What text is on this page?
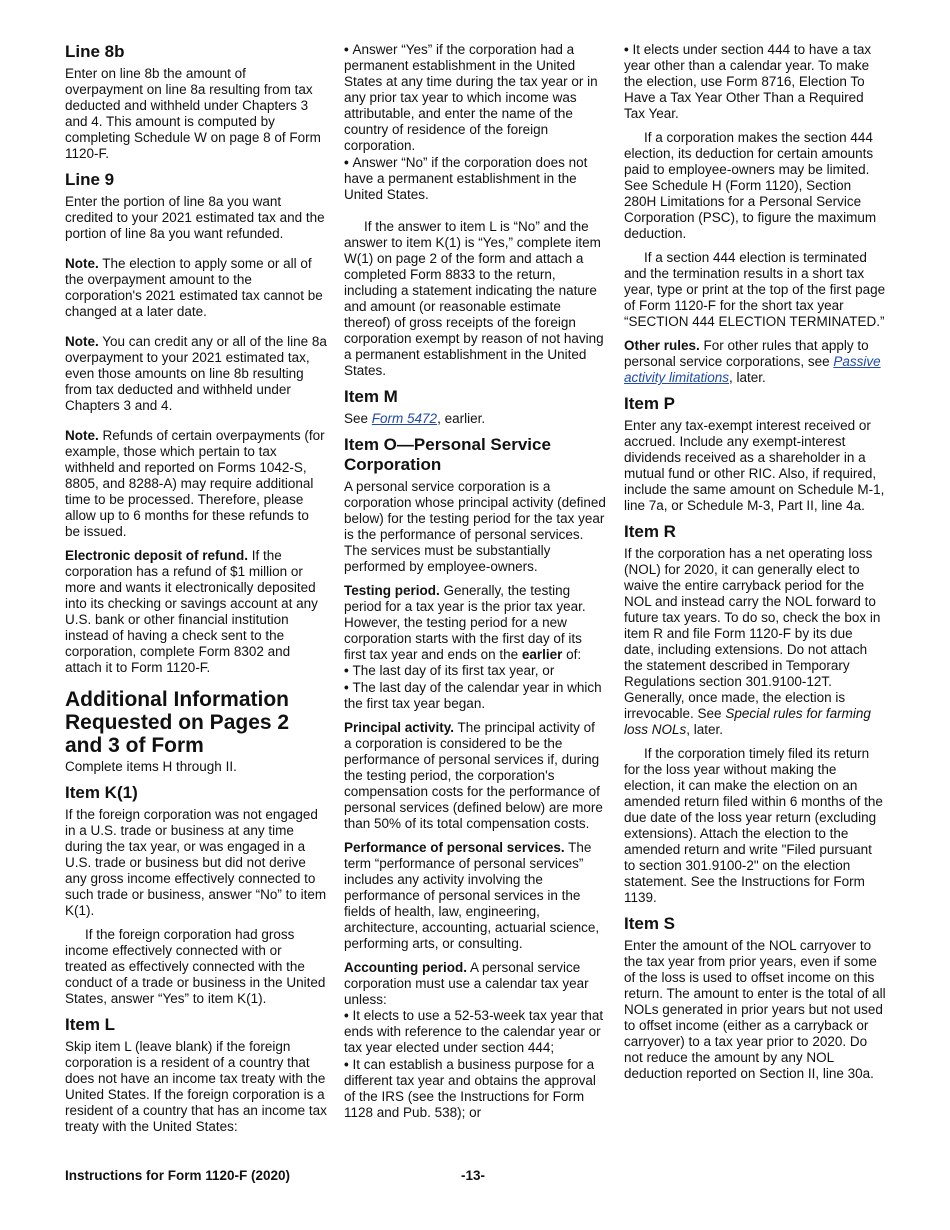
Line 8b

Enter on line 8b the amount of overpayment on line 8a resulting from tax deducted and withheld under Chapters 3 and 4. This amount is computed by completing Schedule W on page 8 of Form 1120-F.

Line 9

Enter the portion of line 8a you want credited to your 2021 estimated tax and the portion of line 8a you want refunded.

Note. The election to apply some or all of the overpayment amount to the corporation's 2021 estimated tax cannot be changed at a later date.

Note. You can credit any or all of the line 8a overpayment to your 2021 estimated tax, even those amounts on line 8b resulting from tax deducted and withheld under Chapters 3 and 4.

Note. Refunds of certain overpayments (for example, those which pertain to tax withheld and reported on Forms 1042-S, 8805, and 8288-A) may require additional time to be processed. Therefore, please allow up to 6 months for these refunds to be issued.

Electronic deposit of refund. If the corporation has a refund of $1 million or more and wants it electronically deposited into its checking or savings account at any U.S. bank or other financial institution instead of having a check sent to the corporation, complete Form 8302 and attach it to Form 1120-F.

Additional Information Requested on Pages 2 and 3 of Form

Complete items H through II.

Item K(1)

If the foreign corporation was not engaged in a U.S. trade or business at any time during the tax year, or was engaged in a U.S. trade or business but did not derive any gross income effectively connected to such trade or business, answer “No” to item K(1).

If the foreign corporation had gross income effectively connected with or treated as effectively connected with the conduct of a trade or business in the United States, answer “Yes” to item K(1).

Item L

Skip item L (leave blank) if the foreign corporation is a resident of a country that does not have an income tax treaty with the United States. If the foreign corporation is a resident of a country that has an income tax treaty with the United States:

• Answer “Yes” if the corporation had a permanent establishment in the United States at any time during the tax year or in any prior tax year to which income was attributable, and enter the name of the country of residence of the foreign corporation.

• Answer “No” if the corporation does not have a permanent establishment in the United States.

If the answer to item L is “No” and the answer to item K(1) is “Yes,” complete item W(1) on page 2 of the form and attach a completed Form 8833 to the return, including a statement indicating the nature and amount (or reasonable estimate thereof) of gross receipts of the foreign corporation exempt by reason of not having a permanent establishment in the United States.

Item M

See Form 5472, earlier.

Item O—Personal Service Corporation

A personal service corporation is a corporation whose principal activity (defined below) for the testing period for the tax year is the performance of personal services. The services must be substantially performed by employee-owners.

Testing period. Generally, the testing period for a tax year is the prior tax year. However, the testing period for a new corporation starts with the first day of its first tax year and ends on the earlier of:

• The last day of its first tax year, or

• The last day of the calendar year in which the first tax year began.

Principal activity. The principal activity of a corporation is considered to be the performance of personal services if, during the testing period, the corporation's compensation costs for the performance of personal services (defined below) are more than 50% of its total compensation costs.

Performance of personal services. The term “performance of personal services” includes any activity involving the performance of personal services in the fields of health, law, engineering, architecture, accounting, actuarial science, performing arts, or consulting.

Accounting period. A personal service corporation must use a calendar tax year unless:

• It elects to use a 52-53-week tax year that ends with reference to the calendar year or tax year elected under section 444;

• It can establish a business purpose for a different tax year and obtains the approval of the IRS (see the Instructions for Form 1128 and Pub. 538); or

• It elects under section 444 to have a tax year other than a calendar year. To make the election, use Form 8716, Election To Have a Tax Year Other Than a Required Tax Year.

If a corporation makes the section 444 election, its deduction for certain amounts paid to employee-owners may be limited. See Schedule H (Form 1120), Section 280H Limitations for a Personal Service Corporation (PSC), to figure the maximum deduction.

If a section 444 election is terminated and the termination results in a short tax year, type or print at the top of the first page of Form 1120-F for the short tax year “SECTION 444 ELECTION TERMINATED.”

Other rules. For other rules that apply to personal service corporations, see Passive activity limitations, later.

Item P

Enter any tax-exempt interest received or accrued. Include any exempt-interest dividends received as a shareholder in a mutual fund or other RIC. Also, if required, include the same amount on Schedule M-1, line 7a, or Schedule M-3, Part II, line 4a.

Item R

If the corporation has a net operating loss (NOL) for 2020, it can generally elect to waive the entire carryback period for the NOL and instead carry the NOL forward to future tax years. To do so, check the box in item R and file Form 1120-F by its due date, including extensions. Do not attach the statement described in Temporary Regulations section 301.9100-12T. Generally, once made, the election is irrevocable. See Special rules for farming loss NOLs, later.

If the corporation timely filed its return for the loss year without making the election, it can make the election on an amended return filed within 6 months of the due date of the loss year return (excluding extensions). Attach the election to the amended return and write "Filed pursuant to section 301.9100-2" on the election statement. See the Instructions for Form 1139.

Item S

Enter the amount of the NOL carryover to the tax year from prior years, even if some of the loss is used to offset income on this return. The amount to enter is the total of all NOLs generated in prior years but not used to offset income (either as a carryback or carryover) to a tax year prior to 2020. Do not reduce the amount by any NOL deduction reported on Section II, line 30a.

Instructions for Form 1120-F (2020)	-13-
